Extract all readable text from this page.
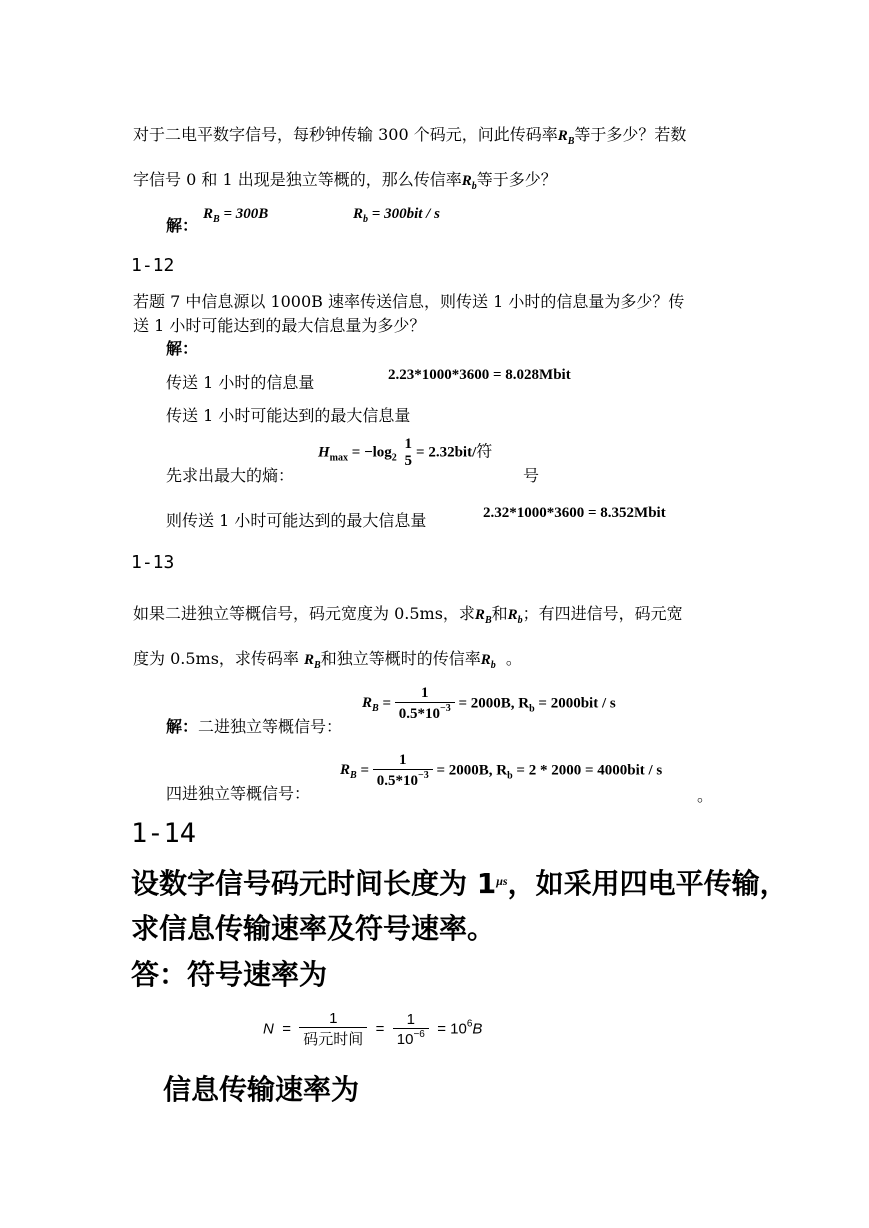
对于二电平数字信号，每秒钟传输 300 个码元，问此传码率$R_B$等于多少？若数
字信号 0 和 1 出现是独立等概的，那么传信率$R_b$等于多少？
解：
$R_B = 300B$	$R_b = 300bit / s$
1-12
若题 7 中信息源以 1000B 速率传送信息，则传送 1 小时的信息量为多少？传
送 1 小时可能达到的最大信息量为多少？
解：
传送 1 小时的信息量	2.23*1000*3600 = 8.028Mbit
传送 1 小时可能达到的最大信息量
先求出最大的熵：
$H_{max} = -\log_2$
1
5
= 2.32bit/符
号
则传送 1 小时可能达到的最大信息量	2.32*1000*3600 = 8.352Mbit
1-13
如果二进独立等概信号，码元宽度为 0.5ms，求$R_B$和$R_b$；有四进信号，码元宽
度为 0.5ms，求传码率 $R_B$和独立等概时的传信率$R_b$ 。
解：二进独立等概信号：
$R_B = \frac{1}{0.5*10^{-3}} = 2000B$, $R_b = 2000bit / s$
四进独立等概信号：
$R_B = \frac{1}{0.5*10^{-3}} = 2000B$, $R_b = 2 * 2000 = 4000bit / s$
。
1-14
设数字信号码元时间长度为 $1^{\mu s}$，如采用四电平传输，
求信息传输速率及符号速率。
答：符号速率为
$N = \frac{1}{\text{码元时间}} = \frac{1}{10^{-6}} = 10^6B$
信息传输速率为
